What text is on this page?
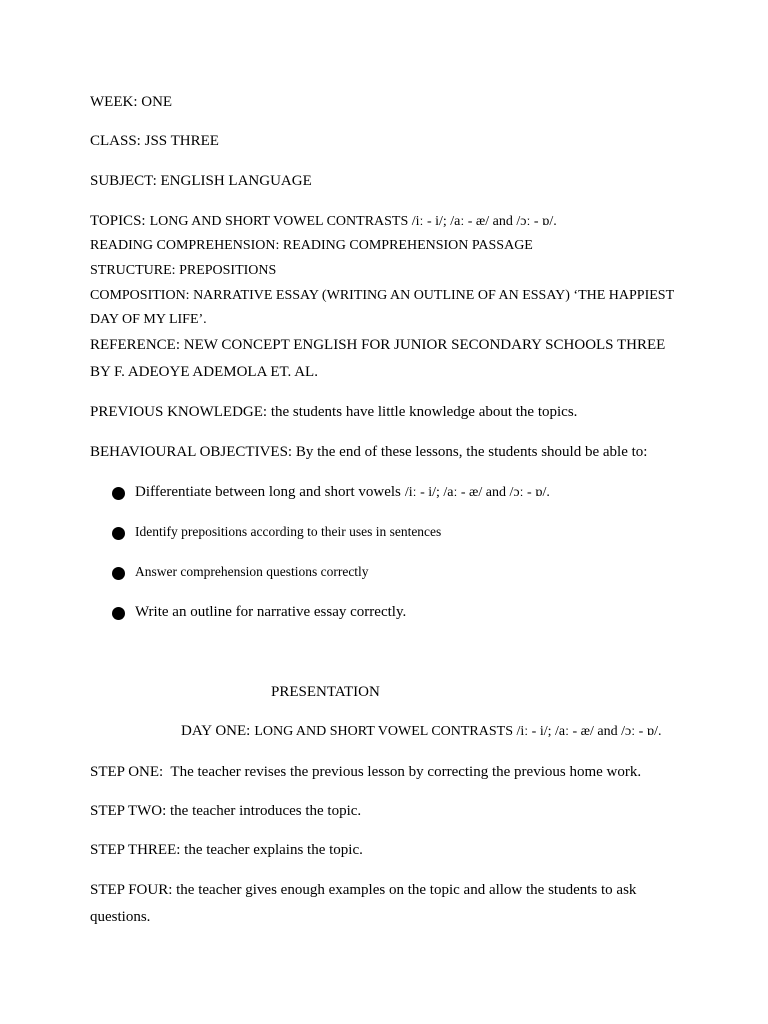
WEEK: ONE
CLASS: JSS THREE
SUBJECT: ENGLISH LANGUAGE
TOPICS: LONG AND SHORT VOWEL CONTRASTS /iː - i/; /aː - æ/ and /ɔː - ɒ/.
READING COMPREHENSION: READING COMPREHENSION PASSAGE
STRUCTURE: PREPOSITIONS
COMPOSITION: NARRATIVE ESSAY (WRITING AN OUTLINE OF AN ESSAY) ‘THE HAPPIEST
DAY OF MY LIFE’.
REFERENCE: NEW CONCEPT ENGLISH FOR JUNIOR SECONDARY SCHOOLS THREE
BY F. ADEOYE ADEMOLA ET. AL.
PREVIOUS KNOWLEDGE: the students have little knowledge about the topics.
BEHAVIOURAL OBJECTIVES: By the end of these lessons, the students should be able to:
Differentiate between long and short vowels /iː - i/; /aː - æ/ and /ɔː - ɒ/.
Identify prepositions according to their uses in sentences
Answer comprehension questions correctly
Write an outline for narrative essay correctly.
PRESENTATION
DAY ONE: LONG AND SHORT VOWEL CONTRASTS /iː - i/; /aː - æ/ and /ɔː - ɒ/.
STEP ONE:  The teacher revises the previous lesson by correcting the previous home work.
STEP TWO: the teacher introduces the topic.
STEP THREE: the teacher explains the topic.
STEP FOUR: the teacher gives enough examples on the topic and allow the students to ask
questions.
